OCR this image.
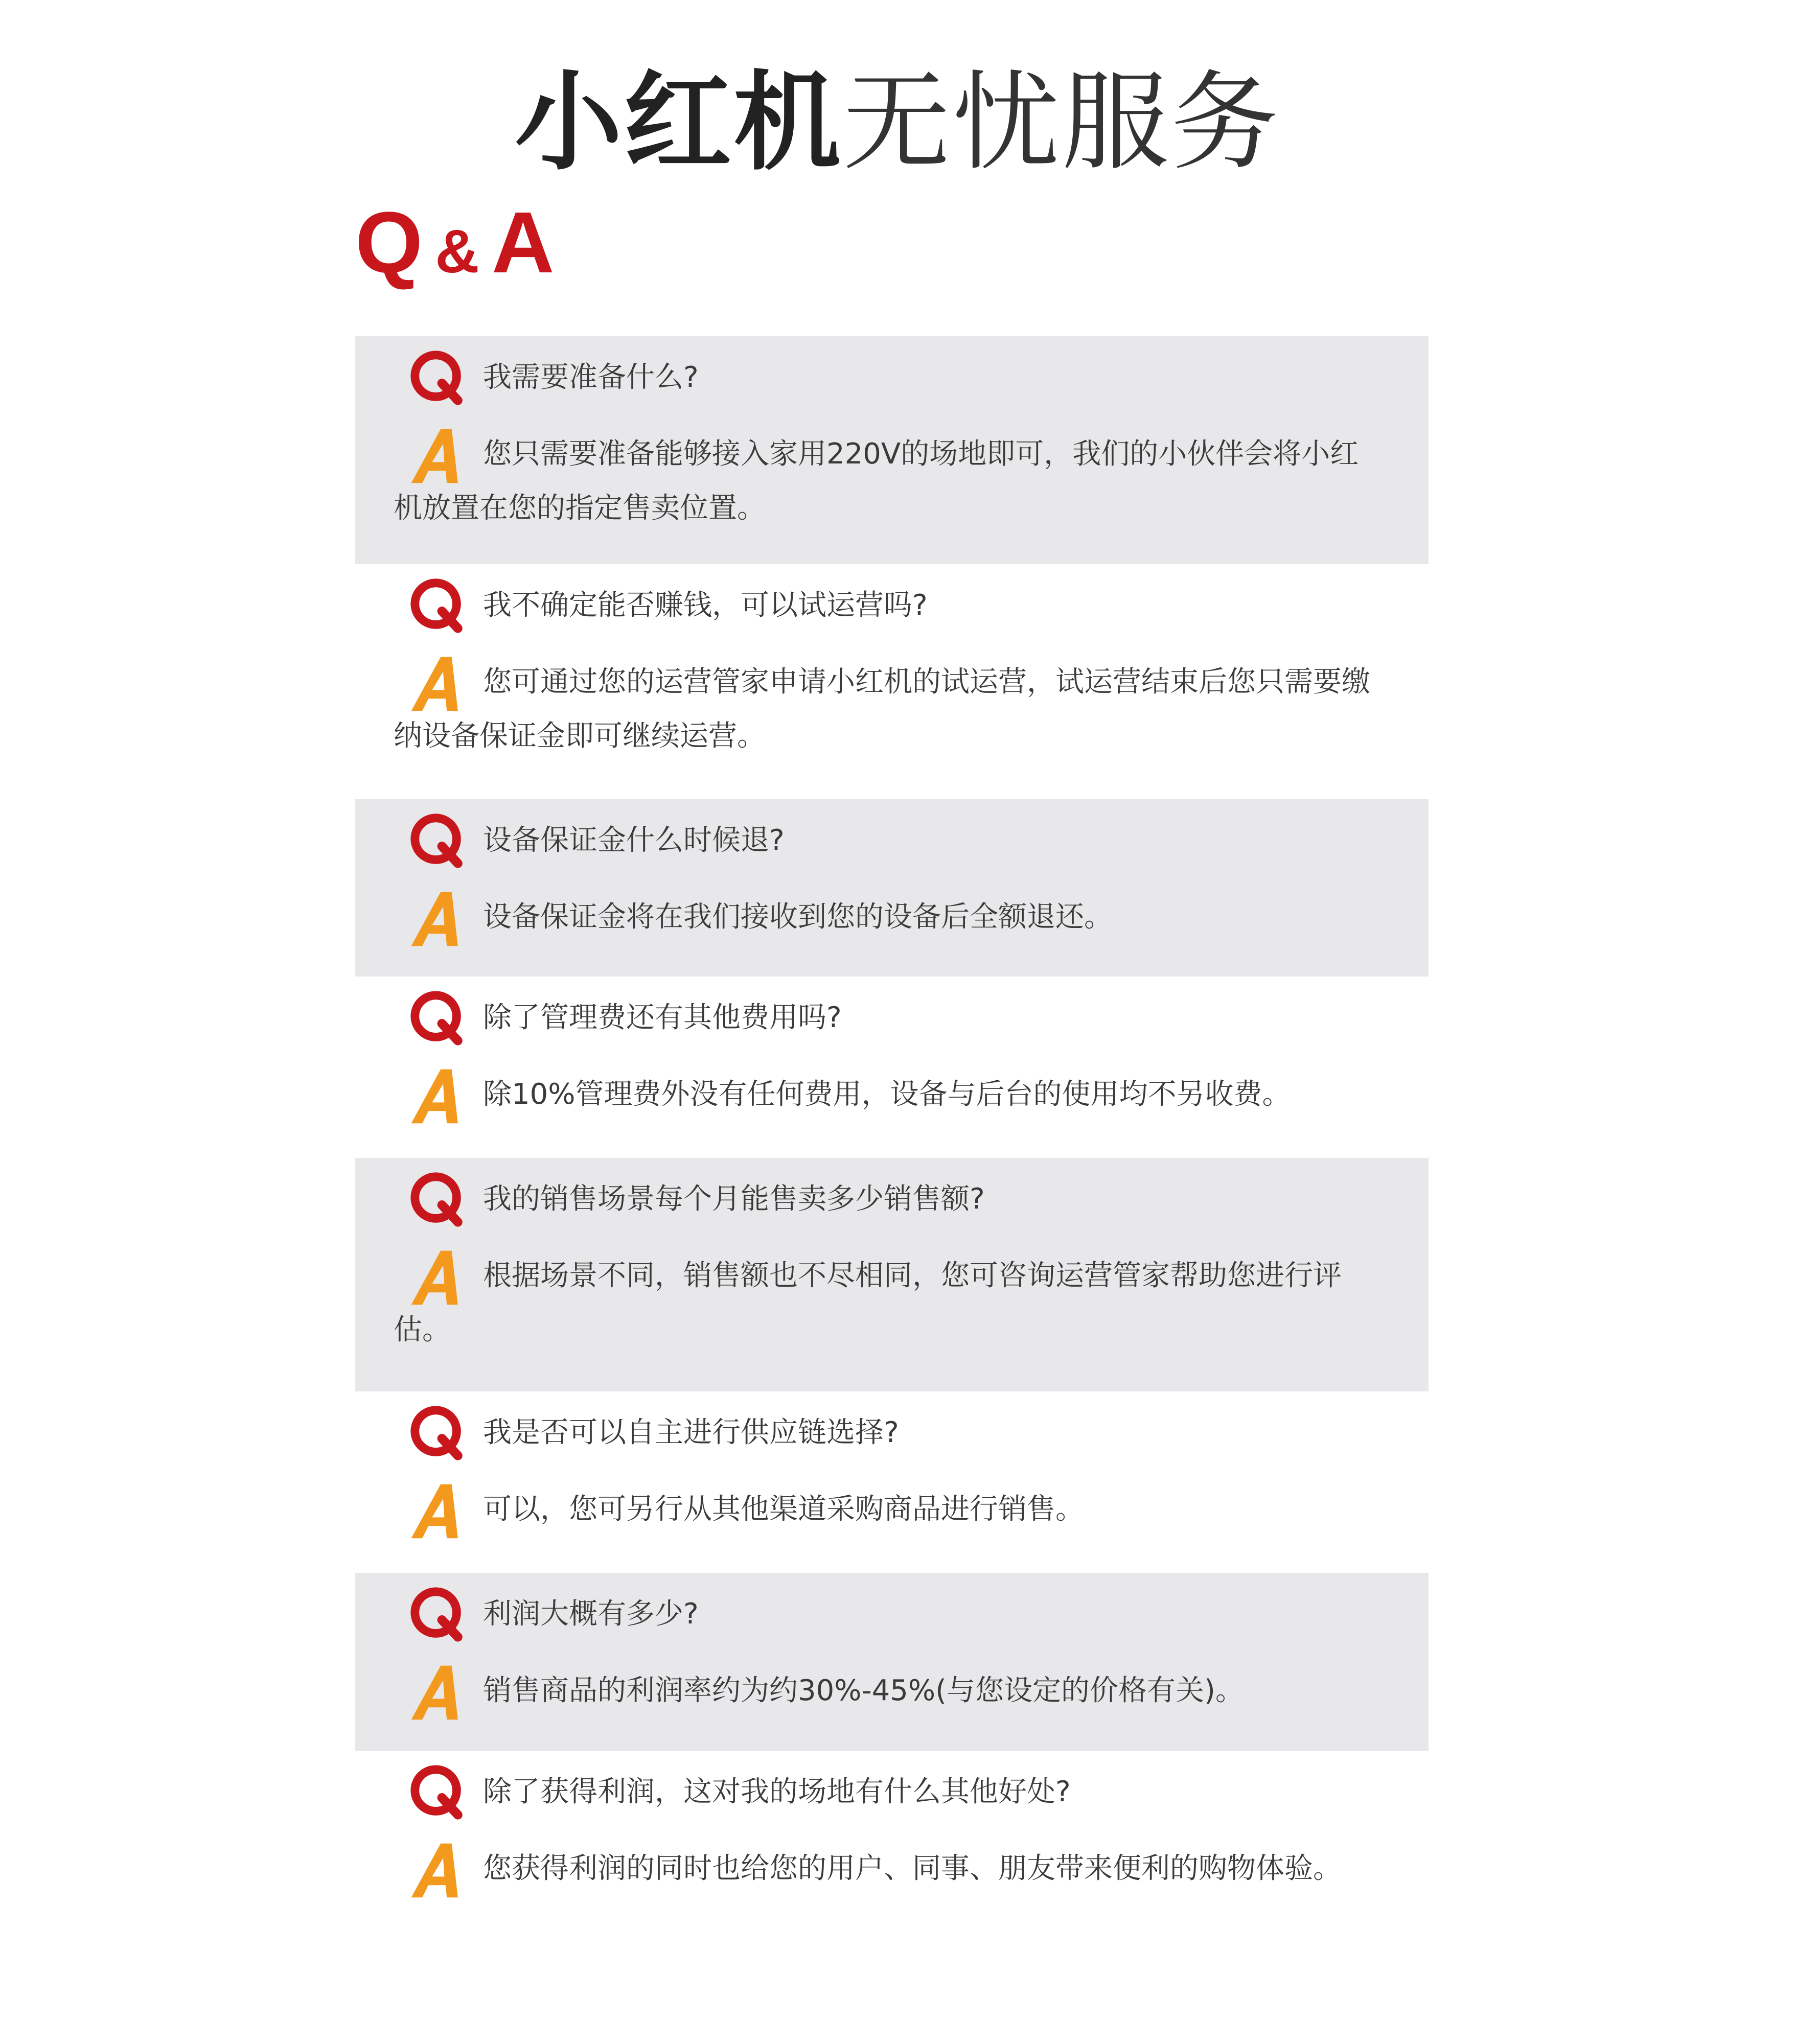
小红机无忧服务
Q & A
我需要准备什么?
您只需要准备能够接入家用220V的场地即可，我们的小伙伴会将小红机放置在您的指定售卖位置。
我不确定能否赚钱，可以试运营吗?
您可通过您的运营管家申请小红机的试运营，试运营结束后您只需要缴纳设备保证金即可继续运营。
设备保证金什么时候退?
设备保证金将在我们接收到您的设备后全额退还。
除了管理费还有其他费用吗?
除10%管理费外没有任何费用，设备与后台的使用均不另收费。
我的销售场景每个月能售卖多少销售额?
根据场景不同，销售额也不尽相同，您可咨询运营管家帮助您进行评估。
我是否可以自主进行供应链选择?
可以，您可另行从其他渠道采购商品进行销售。
利润大概有多少?
销售商品的利润率约为约30%-45%(与您设定的价格有关)。
除了获得利润，这对我的场地有什么其他好处?
您获得利润的同时也给您的用户、同事、朋友带来便利的购物体验。
